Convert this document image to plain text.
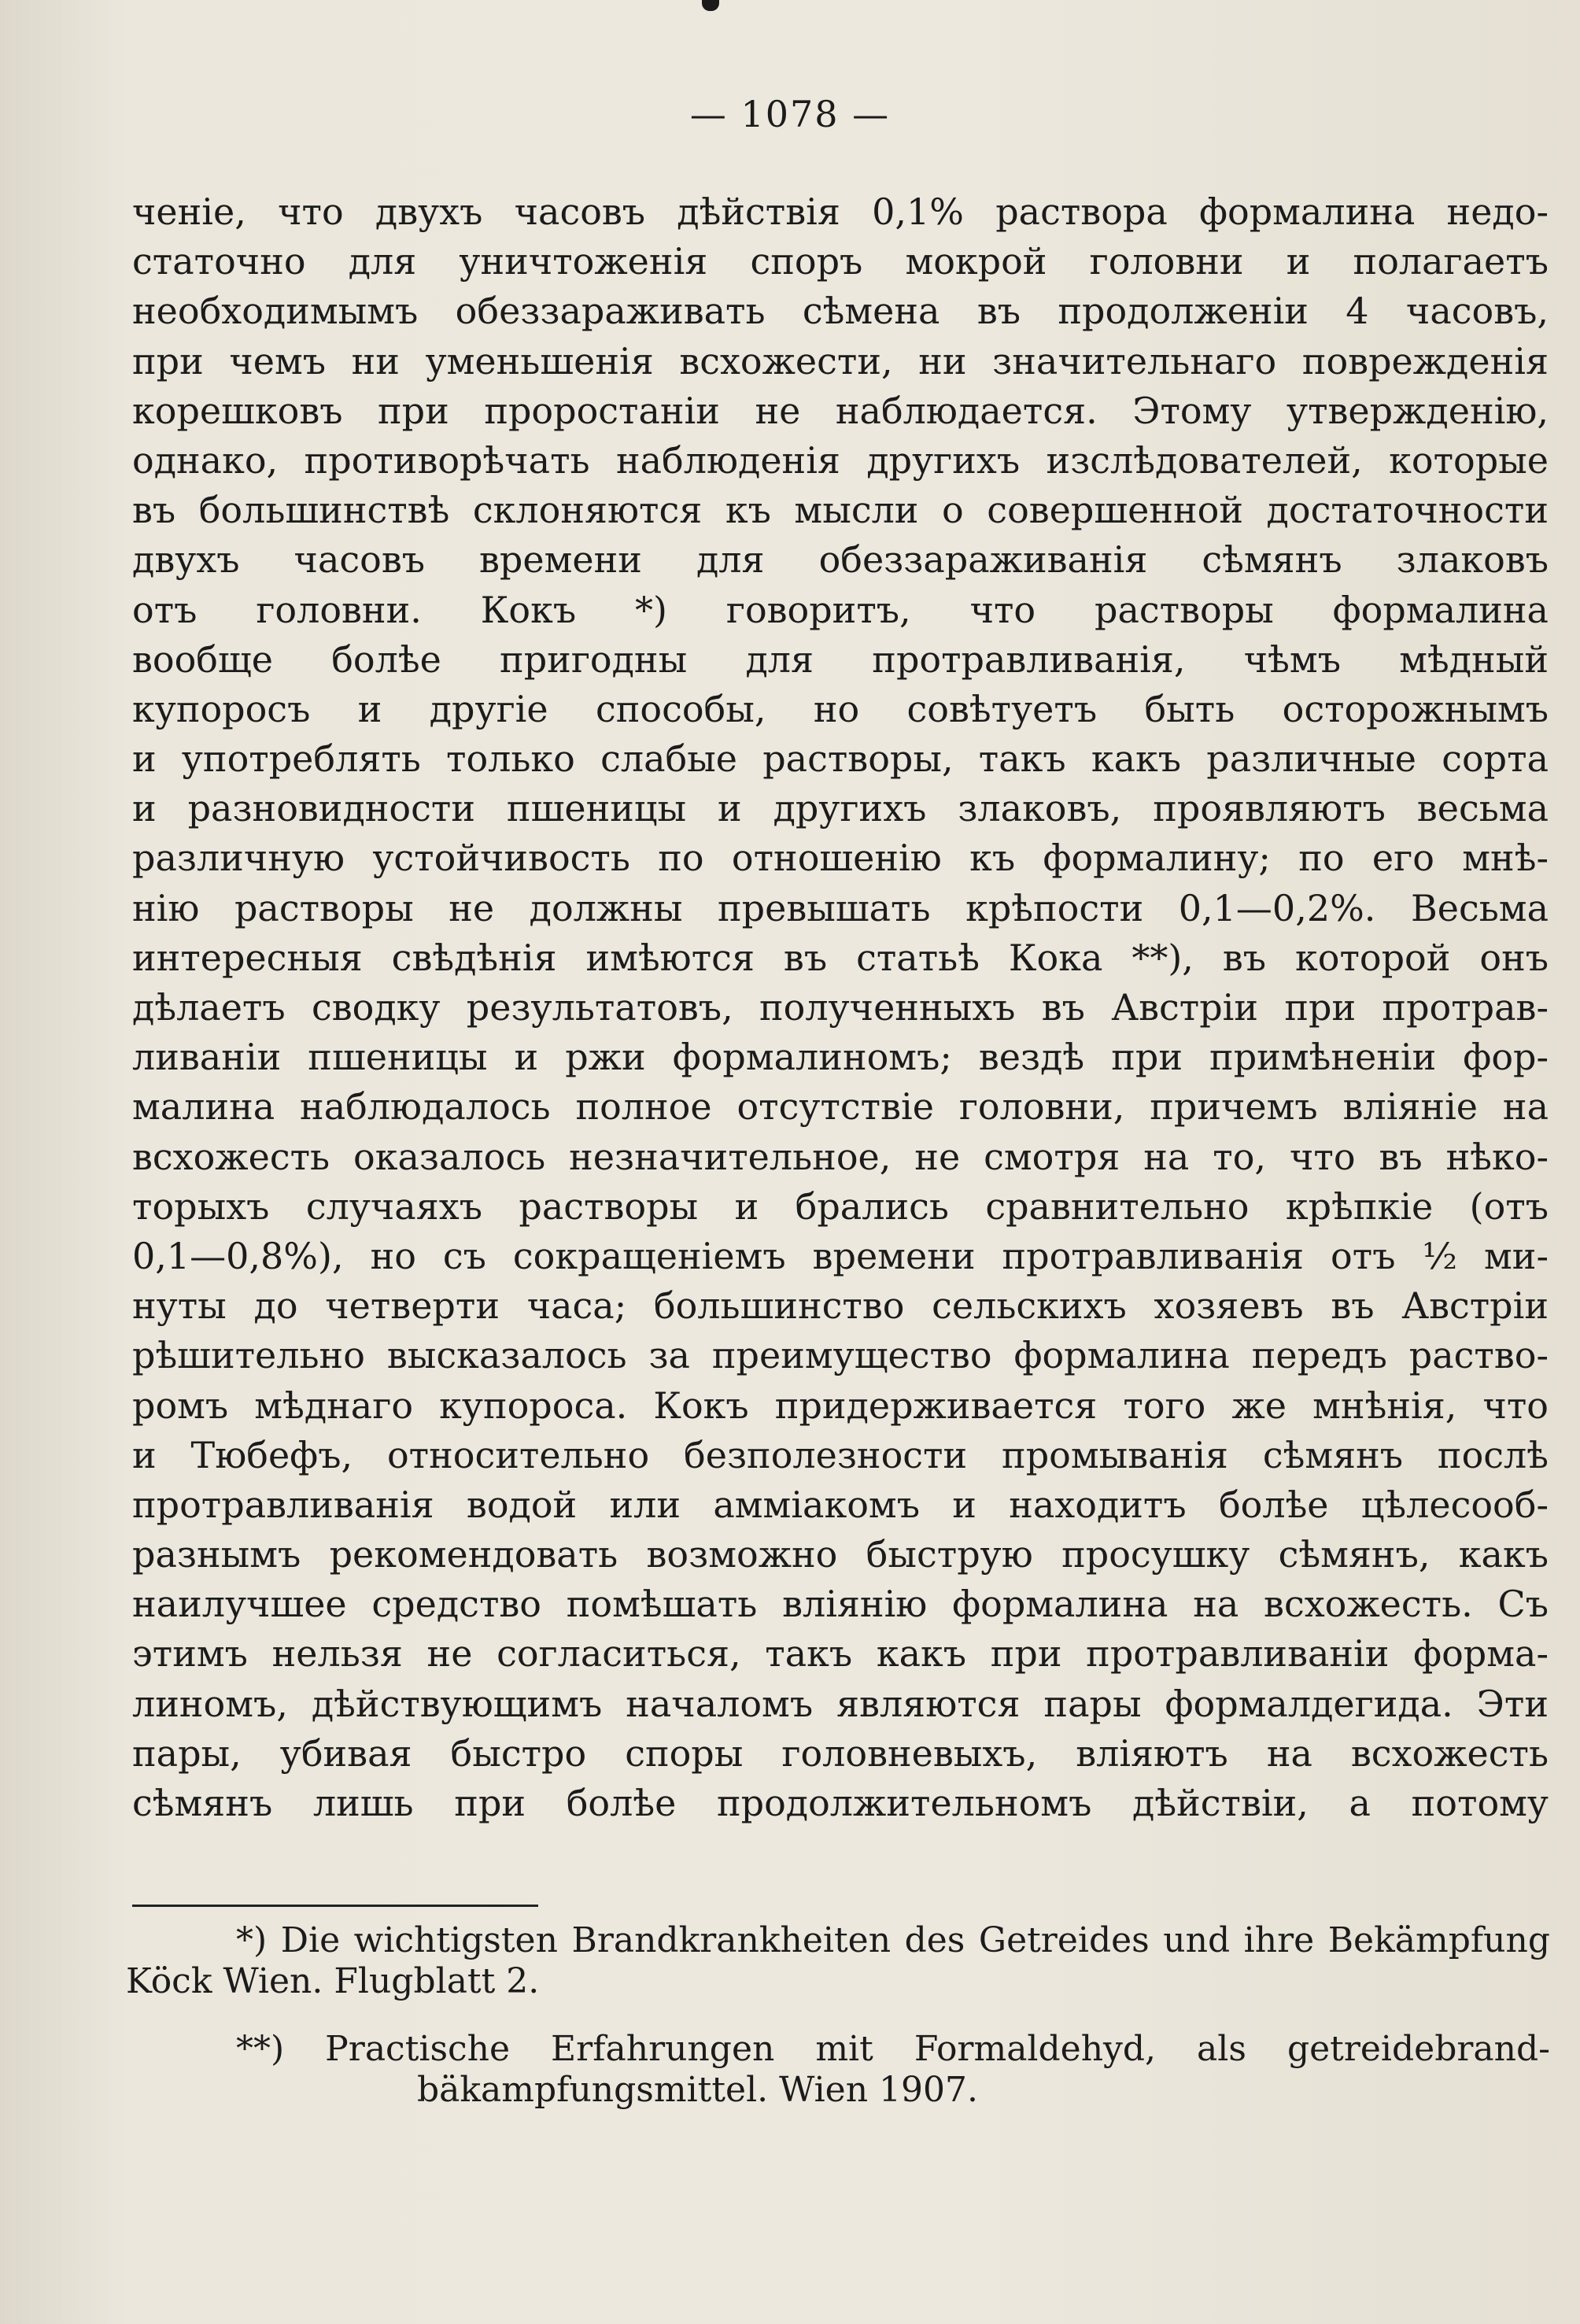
— 1078 —
ченіе, что двухъ часовъ дѣйствія 0,1% раствора формалина недо-
статочно для уничтоженія споръ мокрой головни и полагаетъ
необходимымъ обеззараживать сѣмена въ продолженіи 4 часовъ,
при чемъ ни уменьшенія всхожести, ни значительнаго поврежденія
корешковъ при проростаніи не наблюдается. Этому утвержденію,
однако, противорѣчать наблюденія другихъ изслѣдователей, которые
въ большинствѣ склоняются къ мысли о совершенной достаточности
двухъ часовъ времени для обеззараживанія сѣмянъ злаковъ
отъ головни. Кокъ *) говоритъ, что растворы формалина
вообще болѣе пригодны для протравливанія, чѣмъ мѣдный
купоросъ и другіе способы, но совѣтуетъ быть осторожнымъ
и употреблять только слабые растворы, такъ какъ различные сорта
и разновидности пшеницы и другихъ злаковъ, проявляютъ весьма
различную устойчивость по отношенію къ формалину; по его мнѣ-
нію растворы не должны превышать крѣпости 0,1—0,2%. Весьма
интересныя свѣдѣнія имѣются въ статьѣ Кока **), въ которой онъ
дѣлаетъ сводку результатовъ, полученныхъ въ Австріи при протрав-
ливаніи пшеницы и ржи формалиномъ; вездѣ при примѣненіи фор-
малина наблюдалось полное отсутствіе головни, причемъ вліяніе на
всхожесть оказалось незначительное, не смотря на то, что въ нѣко-
торыхъ случаяхъ растворы и брались сравнительно крѣпкіе (отъ
0,1—0,8%), но съ сокращеніемъ времени протравливанія отъ ½ ми-
нуты до четверти часа; большинство сельскихъ хозяевъ въ Австріи
рѣшительно высказалось за преимущество формалина передъ раство-
ромъ мѣднаго купороса. Кокъ придерживается того же мнѣнія, что
и Тюбефъ, относительно безполезности промыванія сѣмянъ послѣ
протравливанія водой или амміакомъ и находитъ болѣе цѣлесооб-
разнымъ рекомендовать возможно быструю просушку сѣмянъ, какъ
наилучшее средство помѣшать вліянію формалина на всхожесть. Съ
этимъ нельзя не согласиться, такъ какъ при протравливаніи форма-
линомъ, дѣйствующимъ началомъ являются пары формалдегида. Эти
пары, убивая быстро споры головневыхъ, вліяютъ на всхожесть
сѣмянъ лишь при болѣе продолжительномъ дѣйствіи, а потому
*) Die wichtigsten Brandkrankheiten des Getreides und ihre Bekämpfung
Köck Wien. Flugblatt 2.
**) Practische Erfahrungen mit Formaldehyd, als getreidebrand-
bäkampfungsmittel. Wien 1907.
